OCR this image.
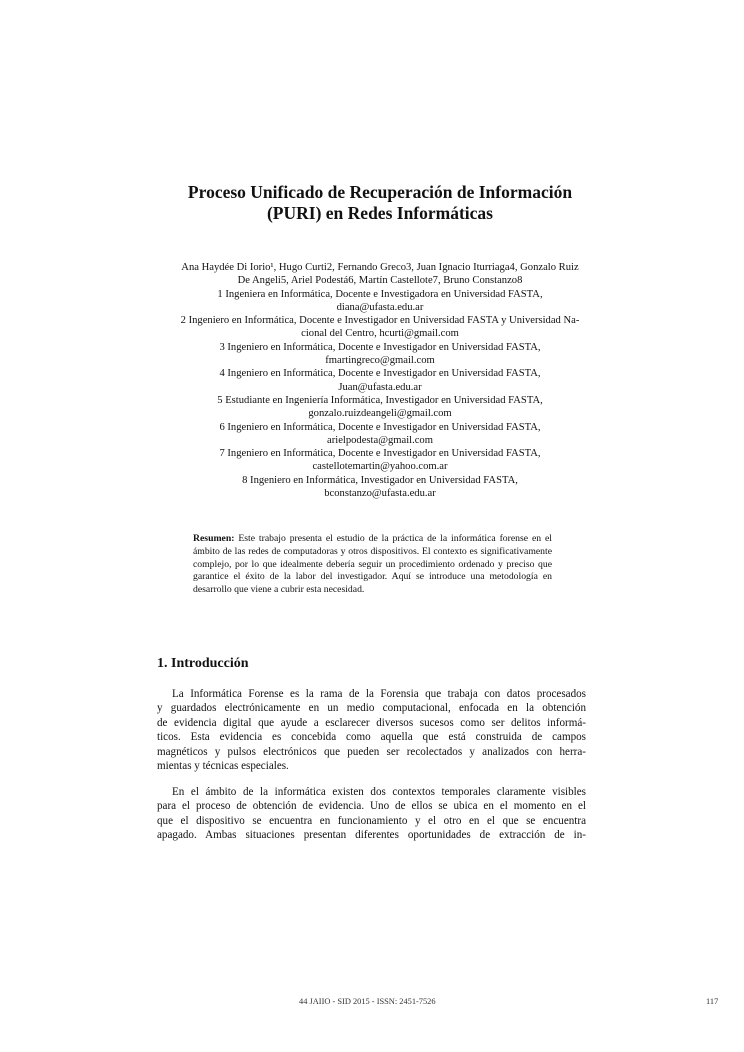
Proceso Unificado de Recuperación de Información
(PURI) en Redes Informáticas
Ana Haydée Di Iorio¹, Hugo Curti2, Fernando Greco3, Juan Ignacio Iturriaga4, Gonzalo Ruiz
De Angeli5, Ariel Podestá6, Martín Castellote7, Bruno Constanzo8
1 Ingeniera en Informática, Docente e Investigadora en Universidad FASTA,
diana@ufasta.edu.ar
2 Ingeniero en Informática, Docente e Investigador en Universidad FASTA y Universidad Na-
cional del Centro, hcurti@gmail.com
3 Ingeniero en Informática, Docente e Investigador en Universidad FASTA,
fmartingreco@gmail.com
4 Ingeniero en Informática, Docente e Investigador en Universidad FASTA,
Juan@ufasta.edu.ar
5 Estudiante en Ingeniería Informática, Investigador en Universidad FASTA,
gonzalo.ruizdeangeli@gmail.com
6 Ingeniero en Informática, Docente e Investigador en Universidad FASTA,
arielpodesta@gmail.com
7 Ingeniero en Informática, Docente e Investigador en Universidad FASTA,
castellotemartin@yahoo.com.ar
8 Ingeniero en Informática, Investigador en Universidad FASTA,
bconstanzo@ufasta.edu.ar
Resumen: Este trabajo presenta el estudio de la práctica de la informática forense en el ámbito de las redes de computadoras y otros dispositivos. El contexto es significativamente complejo, por lo que idealmente debería seguir un procedimiento ordenado y preciso que garantice el éxito de la labor del investigador. Aquí se introduce una metodología en desarrollo que viene a cubrir esta necesidad.
1. Introducción
La Informática Forense es la rama de la Forensia que trabaja con datos procesados
y guardados electrónicamente en un medio computacional, enfocada en la obtención
de evidencia digital que ayude a esclarecer diversos sucesos como ser delitos informá-
ticos. Esta evidencia es concebida como aquella que está construida de campos
magnéticos y pulsos electrónicos que pueden ser recolectados y analizados con herra-
mientas y técnicas especiales.
En el ámbito de la informática existen dos contextos temporales claramente visibles
para el proceso de obtención de evidencia. Uno de ellos se ubica en el momento en el
que el dispositivo se encuentra en funcionamiento y el otro en el que se encuentra
apagado. Ambas situaciones presentan diferentes oportunidades de extracción de in-
44 JAIIO - SID 2015 - ISSN: 2451-7526	117
